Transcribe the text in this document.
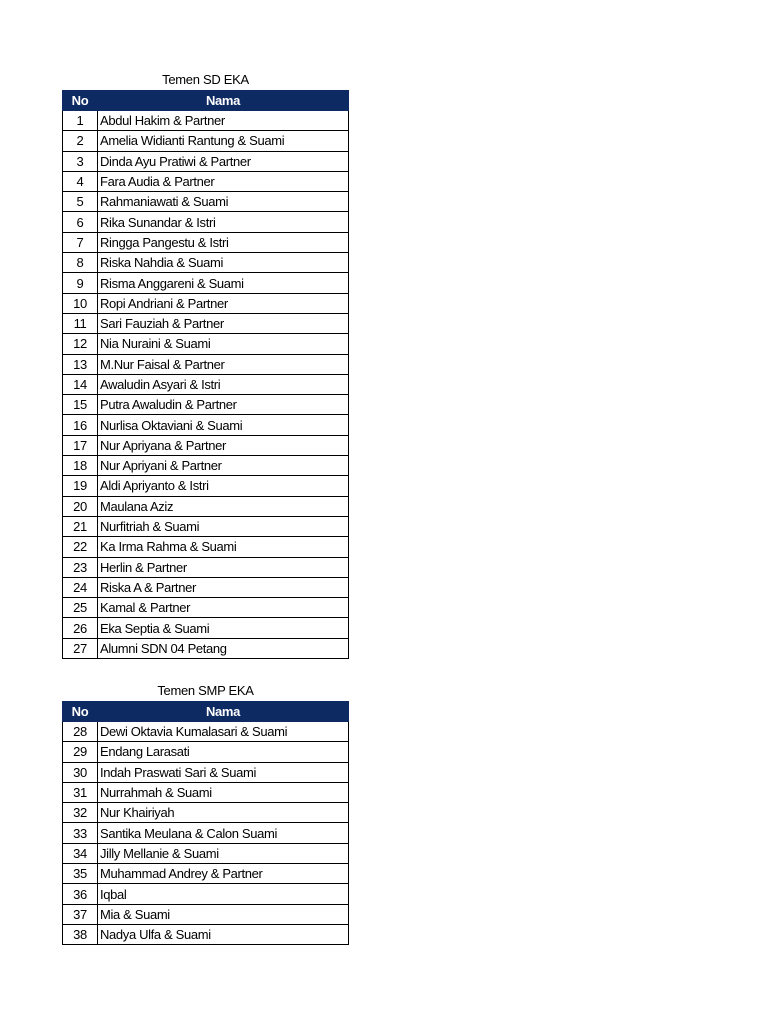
Temen SD EKA
No	Nama
1	Abdul Hakim & Partner
2	Amelia Widianti Rantung & Suami
3	Dinda Ayu Pratiwi & Partner
4	Fara Audia & Partner
5	Rahmaniawati & Suami
6	Rika Sunandar & Istri
7	Ringga Pangestu & Istri
8	Riska Nahdia & Suami
9	Risma Anggareni & Suami
10	Ropi Andriani & Partner
11	Sari Fauziah & Partner
12	Nia Nuraini & Suami
13	M.Nur Faisal & Partner
14	Awaludin Asyari & Istri
15	Putra Awaludin & Partner
16	Nurlisa Oktaviani & Suami
17	Nur Apriyana & Partner
18	Nur Apriyani & Partner
19	Aldi Apriyanto & Istri
20	Maulana Aziz
21	Nurfitriah & Suami
22	Ka Irma Rahma & Suami
23	Herlin & Partner
24	Riska A & Partner
25	Kamal & Partner
26	Eka Septia & Suami
27	Alumni SDN 04 Petang
Temen SMP EKA
No	Nama
28	Dewi Oktavia Kumalasari & Suami
29	Endang Larasati
30	Indah Praswati Sari & Suami
31	Nurrahmah & Suami
32	Nur Khairiyah
33	Santika Meulana & Calon Suami
34	Jilly Mellanie & Suami
35	Muhammad Andrey & Partner
36	Iqbal
37	Mia & Suami
38	Nadya Ulfa & Suami
